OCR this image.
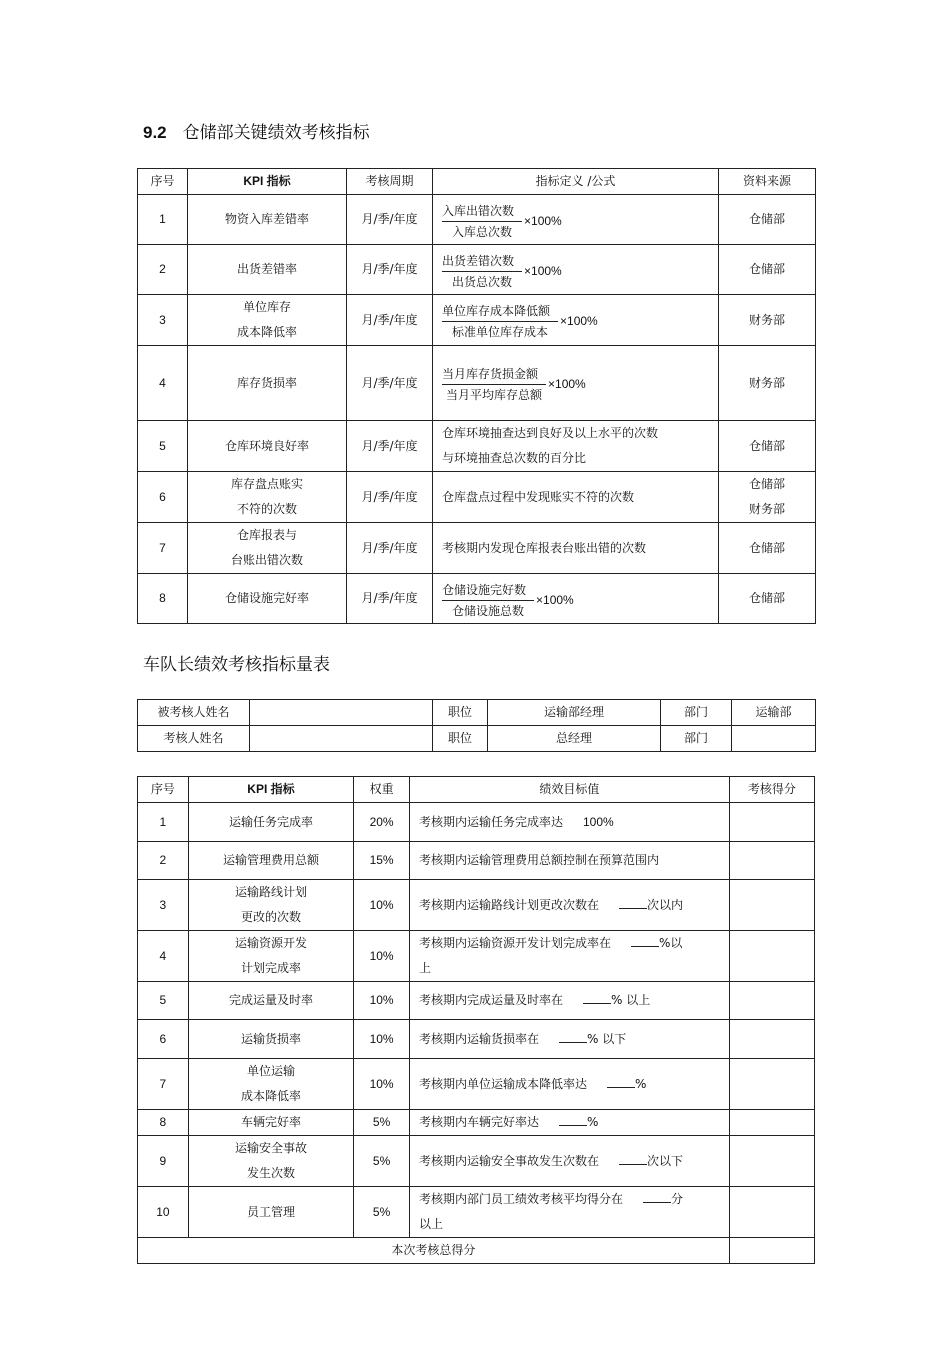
9.2 仓储部关键绩效考核指标
序号	KPI 指标	考核周期	指标定义 /公式	资料来源
1	物资入库差错率	月/季/年度	入库出错次数
入库总次数
×100%	仓储部
2	出货差错率	月/季/年度	出货差错次数
出货总次数
×100%	仓储部
3	单位库存
成本降低率	月/季/年度	单位库存成本降低额
标准单位库存成本
×100%	财务部
4	库存货损率	月/季/年度	当月库存货损金额
当月平均库存总额
×100%	财务部
5	仓库环境良好率	月/季/年度	仓库环境抽查达到良好及以上水平的次数
与环境抽查总次数的百分比	仓储部
6	库存盘点账实
不符的次数	月/季/年度	仓库盘点过程中发现账实不符的次数	仓储部
财务部
7	仓库报表与
台账出错次数	月/季/年度	考核期内发现仓库报表台账出错的次数	仓储部
8	仓储设施完好率	月/季/年度	仓储设施完好数
仓储设施总数
×100%	仓储部
车队长绩效考核指标量表
被考核人姓名		职位	运输部经理	部门	运输部
考核人姓名		职位	总经理	部门	
序号	KPI 指标	权重	绩效目标值	考核得分
1	运输任务完成率	20%	考核期内运输任务完成率达 100%	
2	运输管理费用总额	15%	考核期内运输管理费用总额控制在预算范围内	
3	运输路线计划
更改的次数	10%	考核期内运输路线计划更改次数在 次以内	
4	运输资源开发
计划完成率	10%	考核期内运输资源开发计划完成率在 %以
上	
5	完成运量及时率	10%	考核期内完成运量及时率在 % 以上	
6	运输货损率	10%	考核期内运输货损率在 % 以下	
7	单位运输
成本降低率	10%	考核期内单位运输成本降低率达 %	
8	车辆完好率	5%	考核期内车辆完好率达 %	
9	运输安全事故
发生次数	5%	考核期内运输安全事故发生次数在 次以下	
10	员工管理	5%	考核期内部门员工绩效考核平均得分在 分
以上	
本次考核总得分				
